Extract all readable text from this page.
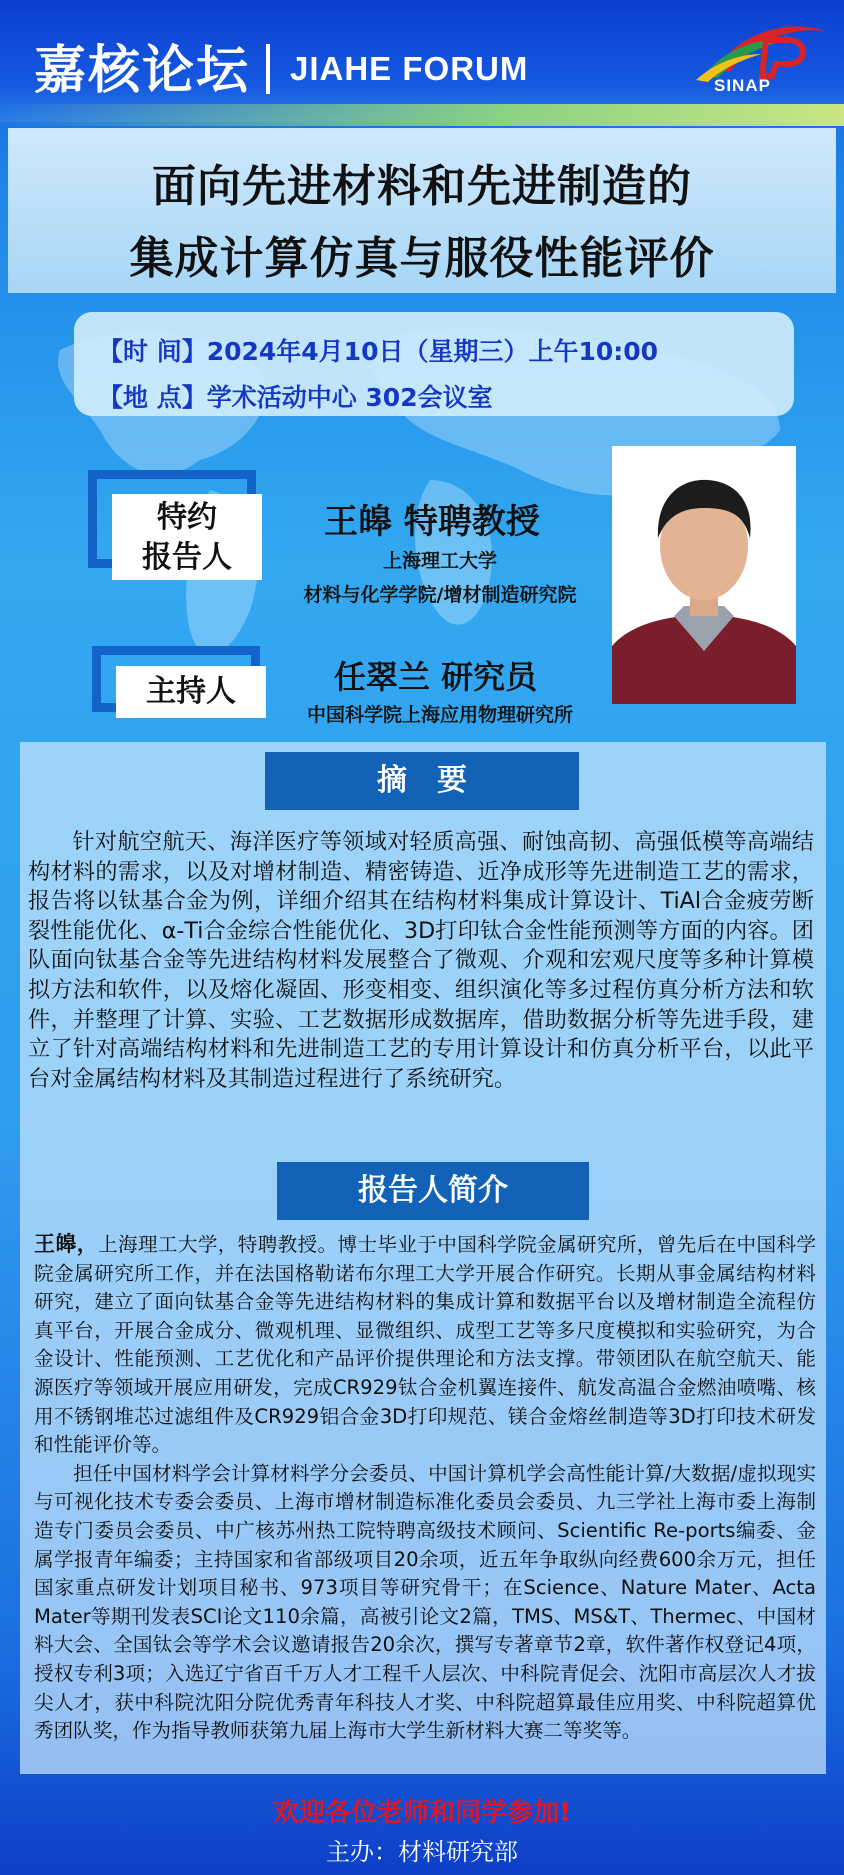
嘉核论坛 JIAHE FORUM	SINAP
面向先进材料和先进制造的
集成计算仿真与服役性能评价
【时 间】2024年4月10日（星期三）上午10:00
【地 点】学术活动中心 302会议室
特约
报告人
王皞 特聘教授
上海理工大学
材料与化学学院/增材制造研究院
主持人	任翠兰 研究员
中国科学院上海应用物理研究所
摘　要
针对航空航天、海洋医疗等领域对轻质高强、耐蚀高韧、高强低模等高端结构材料的需求，以及对增材制造、精密铸造、近净成形等先进制造工艺的需求，报告将以钛基合金为例，详细介绍其在结构材料集成计算设计、TiAl合金疲劳断裂性能优化、α-Ti合金综合性能优化、3D打印钛合金性能预测等方面的内容。团队面向钛基合金等先进结构材料发展整合了微观、介观和宏观尺度等多种计算模拟方法和软件，以及熔化凝固、形变相变、组织演化等多过程仿真分析方法和软件，并整理了计算、实验、工艺数据形成数据库，借助数据分析等先进手段，建立了针对高端结构材料和先进制造工艺的专用计算设计和仿真分析平台，以此平台对金属结构材料及其制造过程进行了系统研究。
报告人简介

王皞，上海理工大学，特聘教授。博士毕业于中国科学院金属研究所，曾先后在中国科学院金属研究所工作，并在法国格勒诺布尔理工大学开展合作研究。长期从事金属结构材料研究，建立了面向钛基合金等先进结构材料的集成计算和数据平台以及增材制造全流程仿真平台，开展合金成分、微观机理、显微组织、成型工艺等多尺度模拟和实验研究，为合金设计、性能预测、工艺优化和产品评价提供理论和方法支撑。带领团队在航空航天、能源医疗等领域开展应用研发，完成CR929钛合金机翼连接件、航发高温合金燃油喷嘴、核用不锈钢堆芯过滤组件及CR929铝合金3D打印规范、镁合金熔丝制造等3D打印技术研发和性能评价等。

担任中国材料学会计算材料学分会委员、中国计算机学会高性能计算/大数据/虚拟现实与可视化技术专委会委员、上海市增材制造标准化委员会委员、九三学社上海市委上海制造专门委员会委员、中广核苏州热工院特聘高级技术顾问、Scientific Re-ports编委、金属学报青年编委；主持国家和省部级项目20余项，近五年争取纵向经费600余万元，担任国家重点研发计划项目秘书、973项目等研究骨干；在Science、Nature Mater、Acta Mater等期刊发表SCI论文110余篇，高被引论文2篇，TMS、MS&T、Thermec、中国材料大会、全国钛会等学术会议邀请报告20余次，撰写专著章节2章，软件著作权登记4项，授权专利3项；入选辽宁省百千万人才工程千人层次、中科院青促会、沈阳市高层次人才拔尖人才，获中科院沈阳分院优秀青年科技人才奖、中科院超算最佳应用奖、中科院超算优秀团队奖，作为指导教师获第九届上海市大学生新材料大赛二等奖等。

欢迎各位老师和同学参加!
主办：材料研究部
